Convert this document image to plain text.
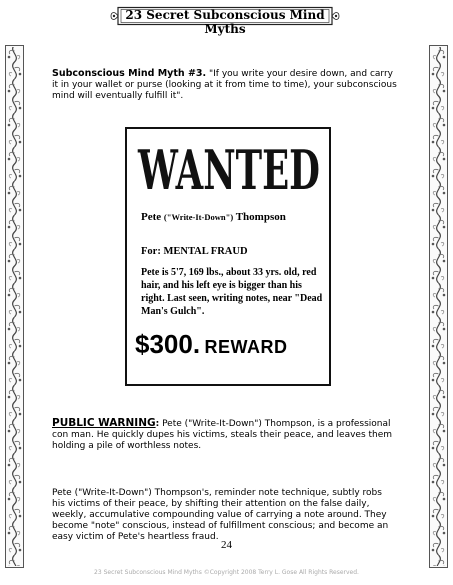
23 Secret Subconscious Mind Myths

Subconscious Mind Myth #3. "If you write your desire down, and carry it in your wallet or purse (looking at it from time to time), your subconscious mind will eventually fulfill it".

WANTED
Pete ("Write-It-Down") Thompson
For: MENTAL FRAUD
Pete is 5'7, 169 lbs., about 33 yrs. old, red hair, and his left eye is bigger than his right. Last seen, writing notes, near "Dead Man's Gulch".
$300. REWARD

PUBLIC WARNING: Pete ("Write-It-Down") Thompson, is a professional con man. He quickly dupes his victims, steals their peace, and leaves them holding a pile of worthless notes.

Pete ("Write-It-Down") Thompson's, reminder note technique, subtly robs his victims of their peace, by shifting their attention on the false daily, weekly, accumulative compounding value of carrying a note around. They become "note" conscious, instead of fulfillment conscious; and become an easy victim of Pete's heartless fraud.

24
23 Secret Subconscious Mind Myths ©Copyright 2008 Terry L. Gose All Rights Reserved.
